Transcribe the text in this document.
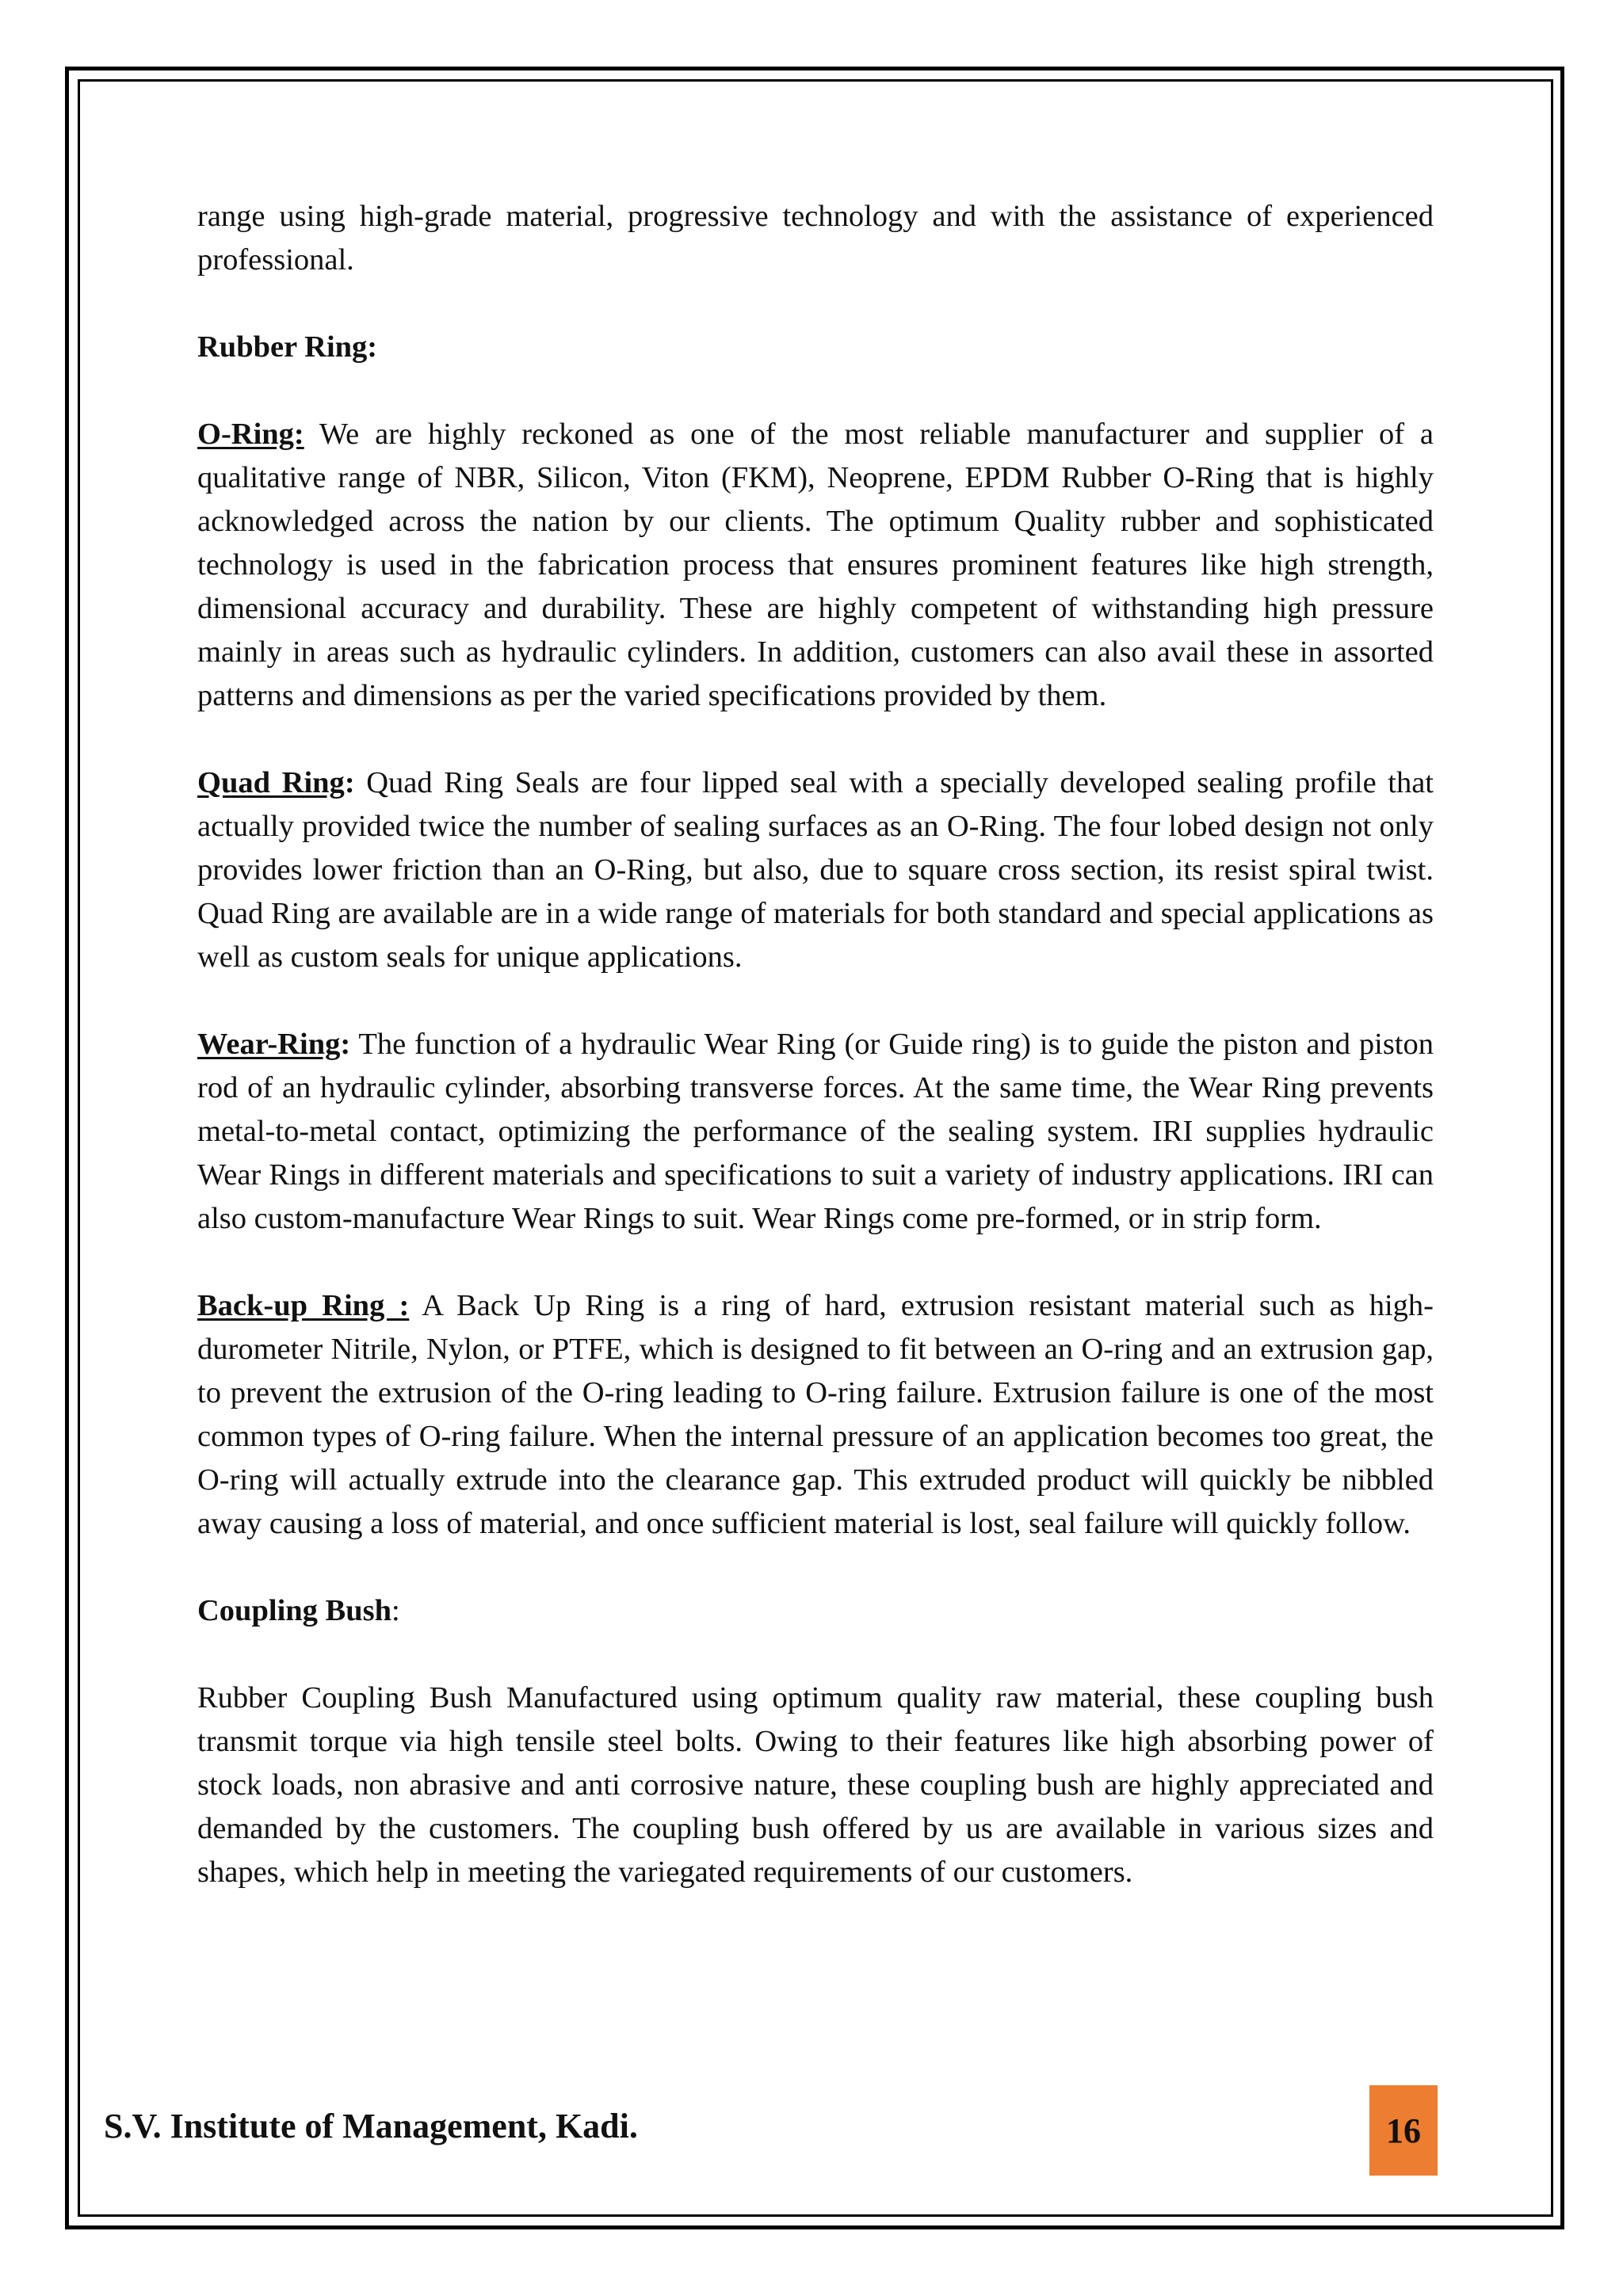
range using high-grade material, progressive technology and with the assistance of experienced professional.

Rubber Ring:

O-Ring: We are highly reckoned as one of the most reliable manufacturer and supplier of a qualitative range of NBR, Silicon, Viton (FKM), Neoprene, EPDM Rubber O-Ring that is highly acknowledged across the nation by our clients. The optimum Quality rubber and sophisticated technology is used in the fabrication process that ensures prominent features like high strength, dimensional accuracy and durability. These are highly competent of withstanding high pressure mainly in areas such as hydraulic cylinders. In addition, customers can also avail these in assorted patterns and dimensions as per the varied specifications provided by them.

Quad Ring: Quad Ring Seals are four lipped seal with a specially developed sealing profile that actually provided twice the number of sealing surfaces as an O-Ring. The four lobed design not only provides lower friction than an O-Ring, but also, due to square cross section, its resist spiral twist. Quad Ring are available are in a wide range of materials for both standard and special applications as well as custom seals for unique applications.

Wear-Ring: The function of a hydraulic Wear Ring (or Guide ring) is to guide the piston and piston rod of an hydraulic cylinder, absorbing transverse forces. At the same time, the Wear Ring prevents metal-to-metal contact, optimizing the performance of the sealing system. IRI supplies hydraulic Wear Rings in different materials and specifications to suit a variety of industry applications. IRI can also custom-manufacture Wear Rings to suit. Wear Rings come pre-formed, or in strip form.

Back-up Ring : A Back Up Ring is a ring of hard, extrusion resistant material such as high-durometer Nitrile, Nylon, or PTFE, which is designed to fit between an O-ring and an extrusion gap, to prevent the extrusion of the O-ring leading to O-ring failure. Extrusion failure is one of the most common types of O-ring failure. When the internal pressure of an application becomes too great, the O-ring will actually extrude into the clearance gap. This extruded product will quickly be nibbled away causing a loss of material, and once sufficient material is lost, seal failure will quickly follow.

Coupling Bush:

Rubber Coupling Bush Manufactured using optimum quality raw material, these coupling bush transmit torque via high tensile steel bolts. Owing to their features like high absorbing power of stock loads, non abrasive and anti corrosive nature, these coupling bush are highly appreciated and demanded by the customers. The coupling bush offered by us are available in various sizes and shapes, which help in meeting the variegated requirements of our customers.

S.V. Institute of Management, Kadi.	16
